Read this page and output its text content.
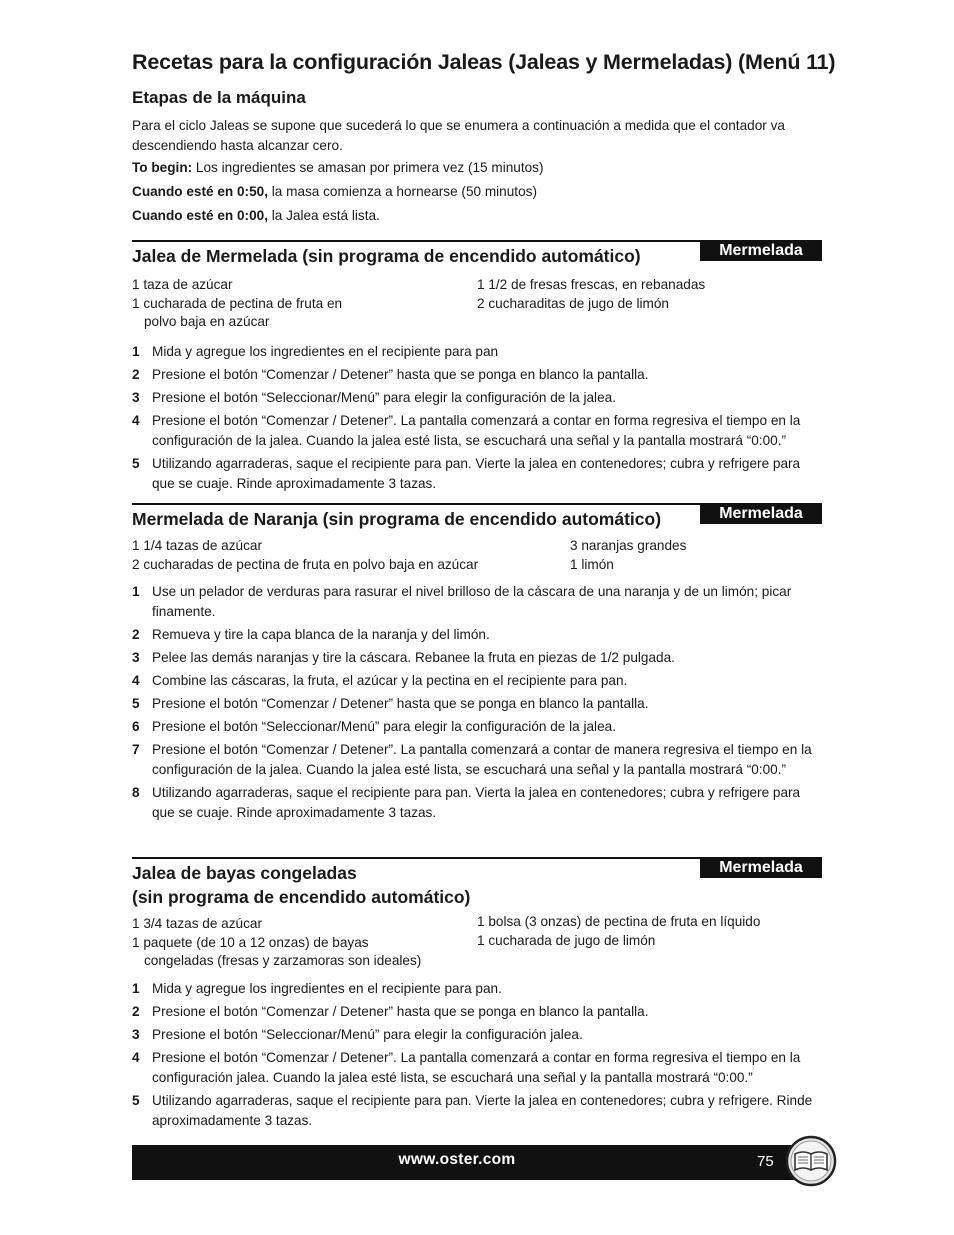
Recetas para la configuración Jaleas (Jaleas y Mermeladas) (Menú 11)
Etapas de la máquina

Para el ciclo Jaleas se supone que sucederá lo que se enumera a continuación a medida que el contador va descendiendo hasta alcanzar cero.

To begin: Los ingredientes se amasan por primera vez (15 minutos)

Cuando esté en 0:50, la masa comienza a hornearse (50 minutos)

Cuando esté en 0:00, la Jalea está lista.

Jalea de Mermelada (sin programa de encendido automático)	Mermelada
1 taza de azúcar
1 cucharada de pectina de fruta en
polvo baja en azúcar
1 1/2 de fresas frescas, en rebanadas
2 cucharaditas de jugo de limón
1 Mida y agregue los ingredientes en el recipiente para pan
2 Presione el botón “Comenzar / Detener” hasta que se ponga en blanco la pantalla.
3 Presione el botón “Seleccionar/Menú” para elegir la configuración de la jalea.
4 Presione el botón “Comenzar / Detener”. La pantalla comenzará a contar en forma regresiva el tiempo en la configuración de la jalea. Cuando la jalea esté lista, se escuchará una señal y la pantalla mostrará “0:00.”
5 Utilizando agarraderas, saque el recipiente para pan. Vierte la jalea en contenedores; cubra y refrigere para que se cuaje. Rinde aproximadamente 3 tazas.
Mermelada de Naranja (sin programa de encendido automático)	Mermelada
1 1/4 tazas de azúcar
2 cucharadas de pectina de fruta en polvo baja en azúcar
3 naranjas grandes
1 limón
1 Use un pelador de verduras para rasurar el nivel brilloso de la cáscara de una naranja y de un limón; picar finamente.
2 Remueva y tire la capa blanca de la naranja y del limón.
3 Pelee las demás naranjas y tire la cáscara. Rebanee la fruta en piezas de 1/2 pulgada.
4 Combine las cáscaras, la fruta, el azúcar y la pectina en el recipiente para pan.
5 Presione el botón “Comenzar / Detener” hasta que se ponga en blanco la pantalla.
6 Presione el botón “Seleccionar/Menú” para elegir la configuración de la jalea.
7 Presione el botón “Comenzar / Detener”. La pantalla comenzará a contar de manera regresiva el tiempo en la configuración de la jalea. Cuando la jalea esté lista, se escuchará una señal y la pantalla mostrará “0:00.”
8 Utilizando agarraderas, saque el recipiente para pan. Vierta la jalea en contenedores; cubra y refrigere para que se cuaje. Rinde aproximadamente 3 tazas.
Jalea de bayas congeladas
(sin programa de encendido automático)
Mermelada
1 3/4 tazas de azúcar
1 paquete (de 10 a 12 onzas) de bayas
congeladas (fresas y zarzamoras son ideales)
1 bolsa (3 onzas) de pectina de fruta en líquido
1 cucharada de jugo de limón
1 Mida y agregue los ingredientes en el recipiente para pan.
2 Presione el botón “Comenzar / Detener” hasta que se ponga en blanco la pantalla.
3 Presione el botón “Seleccionar/Menú” para elegir la configuración jalea.
4 Presione el botón “Comenzar / Detener”. La pantalla comenzará a contar en forma regresiva el tiempo en la configuración jalea. Cuando la jalea esté lista, se escuchará una señal y la pantalla mostrará “0:00.”
5 Utilizando agarraderas, saque el recipiente para pan. Vierte la jalea en contenedores; cubra y refrigere. Rinde aproximadamente 3 tazas.
www.oster.com	75
